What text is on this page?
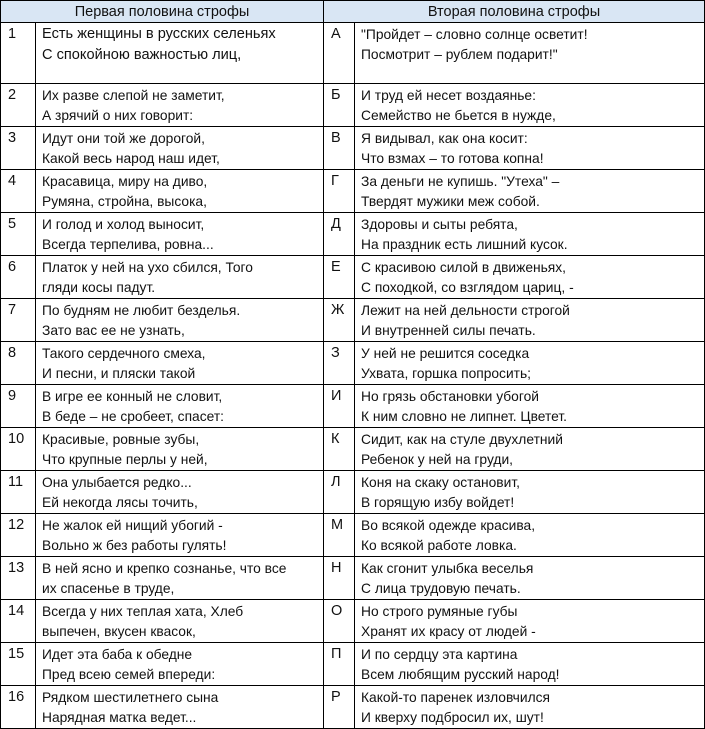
Первая половина строфы		Вторая половина строфы	
1	Есть женщины в русских селеньях
С спокойною важностью лиц,	А	"Пройдет – словно солнце осветит!
Посмотрит – рублем подарит!"
2	Их разве слепой не заметит,
А зрячий о них говорит:	Б	И труд ей несет воздаянье:
Семейство не бьется в нужде,
3	Идут они той же дорогой,
Какой весь народ наш идет,	В	Я видывал, как она косит:
Что взмах – то готова копна!
4	Красавица, миру на диво,
Румяна, стройна, высока,	Г	За деньги не купишь. "Утеха" –
Твердят мужики меж собой.
5	И голод и холод выносит,
Всегда терпелива, ровна...	Д	Здоровы и сыты ребята,
На праздник есть лишний кусок.
6	Платок у ней на ухо сбился, Того
гляди косы падут.	Е	С красивою силой в движеньях,
С походкой, со взглядом цариц, -
7	По будням не любит безделья.
Зато вас ее не узнать,	Ж	Лежит на ней дельности строгой
И внутренней силы печать.
8	Такого сердечного смеха,
И песни, и пляски такой	З	У ней не решится соседка
Ухвата, горшка попросить;
9	В игре ее конный не словит,
В беде – не сробеет, спасет:	И	Но грязь обстановки убогой
К ним словно не липнет. Цветет.
10	Красивые, ровные зубы,
Что крупные перлы у ней,	К	Сидит, как на стуле двухлетний
Ребенок у ней на груди,
11	Она улыбается редко...
Ей некогда лясы точить,	Л	Коня на скаку остановит,
В горящую избу войдет!
12	Не жалок ей нищий убогий -
Вольно ж без работы гулять!	М	Во всякой одежде красива,
Ко всякой работе ловка.
13	В ней ясно и крепко сознанье, что все
их спасенье в труде,	Н	Как сгонит улыбка веселья
С лица трудовую печать.
14	Всегда у них теплая хата, Хлеб
выпечен, вкусен квасок,	О	Но строго румяные губы
Хранят их красу от людей -
15	Идет эта баба к обедне
Пред всею семей впереди:	П	И по сердцу эта картина
Всем любящим русский народ!
16	Рядком шестилетнего сына
Нарядная матка ведет...	Р	Какой-то паренек изловчился
И кверху подбросил их, шут!
